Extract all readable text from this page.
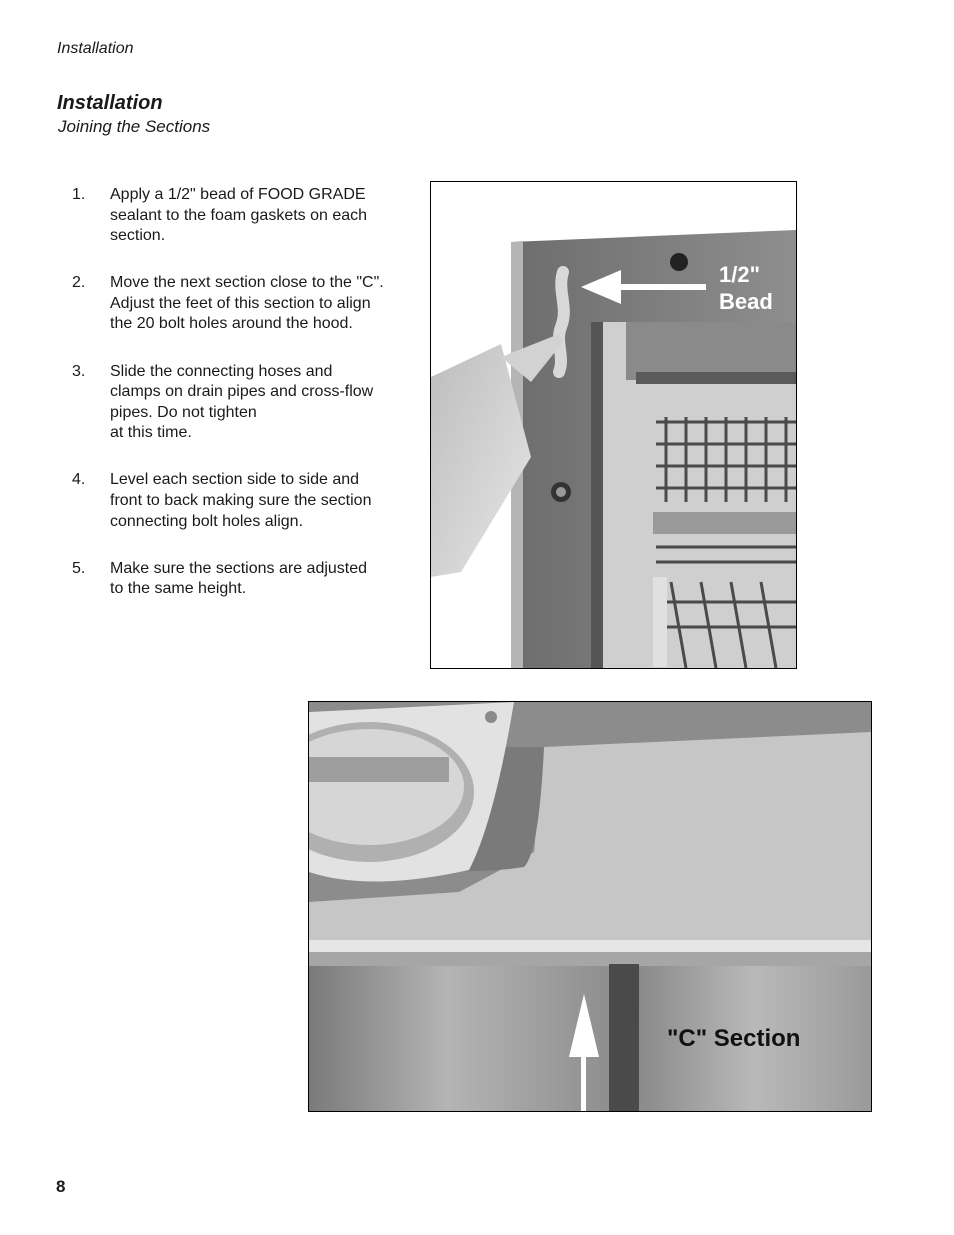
Installation
Installation
Joining the Sections
1.	Apply a 1/2" bead of FOOD GRADE
sealant to the foam gaskets on each
section.
2.	Move the next section close to the "C".
Adjust the feet of this section to align
the 20 bolt holes around the hood.
3.	Slide the connecting hoses and
clamps on drain pipes and cross-flow
pipes. Do not tighten
at this time.
4.	Level each section side to side and
front to back making sure the section
connecting bolt holes align.
5.	Make sure the sections are adjusted
to the same height.
1/2"
Bead
"C" Section
8
